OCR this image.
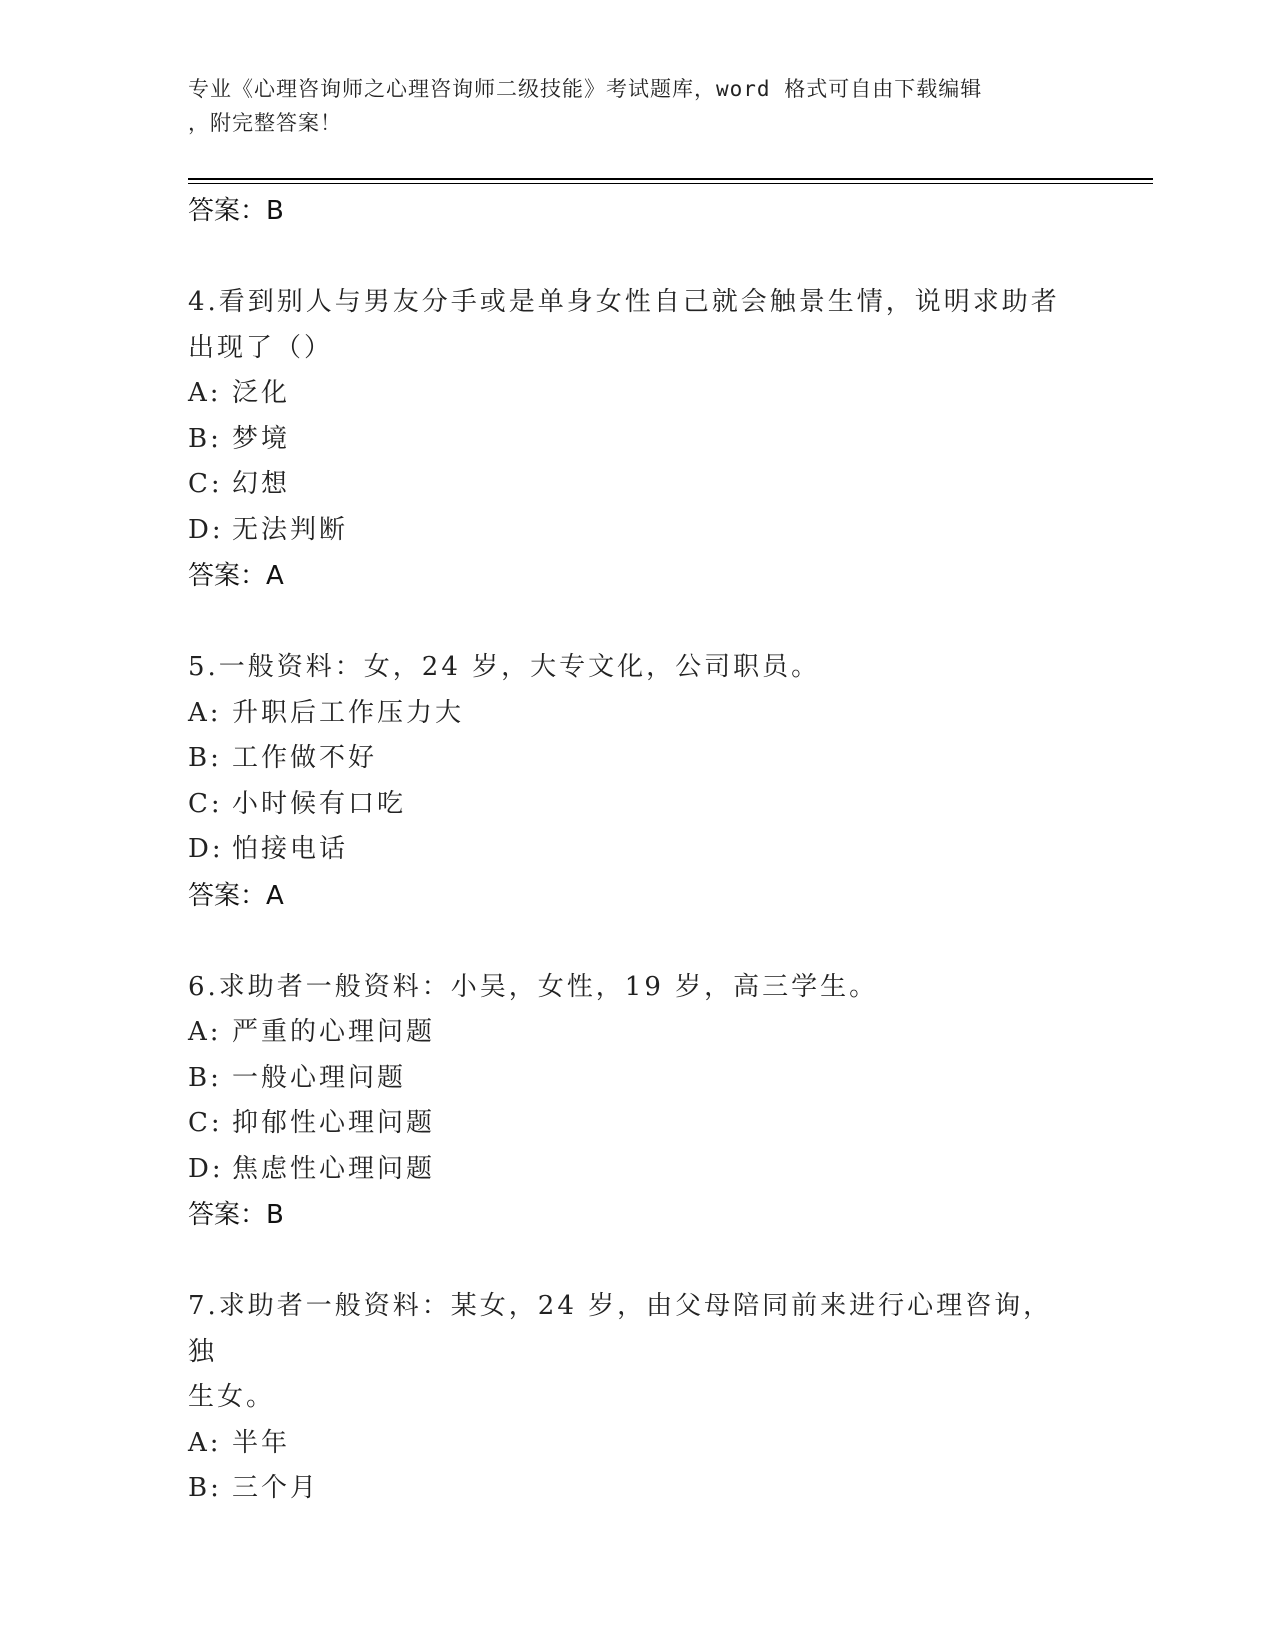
专业《心理咨询师之心理咨询师二级技能》考试题库，word 格式可自由下载编辑
，附完整答案！
答案：B
4.看到别人与男友分手或是单身女性自己就会触景生情，说明求助者
出现了（）
A: 泛化
B: 梦境
C: 幻想
D: 无法判断
答案：A
5.一般资料：女，24 岁，大专文化，公司职员。
A: 升职后工作压力大
B: 工作做不好
C: 小时候有口吃
D: 怕接电话
答案：A
6.求助者一般资料：小吴，女性，19 岁，高三学生。
A: 严重的心理问题
B: 一般心理问题
C: 抑郁性心理问题
D: 焦虑性心理问题
答案：B
7.求助者一般资料：某女，24 岁，由父母陪同前来进行心理咨询，独
生女。
A: 半年
B: 三个月
